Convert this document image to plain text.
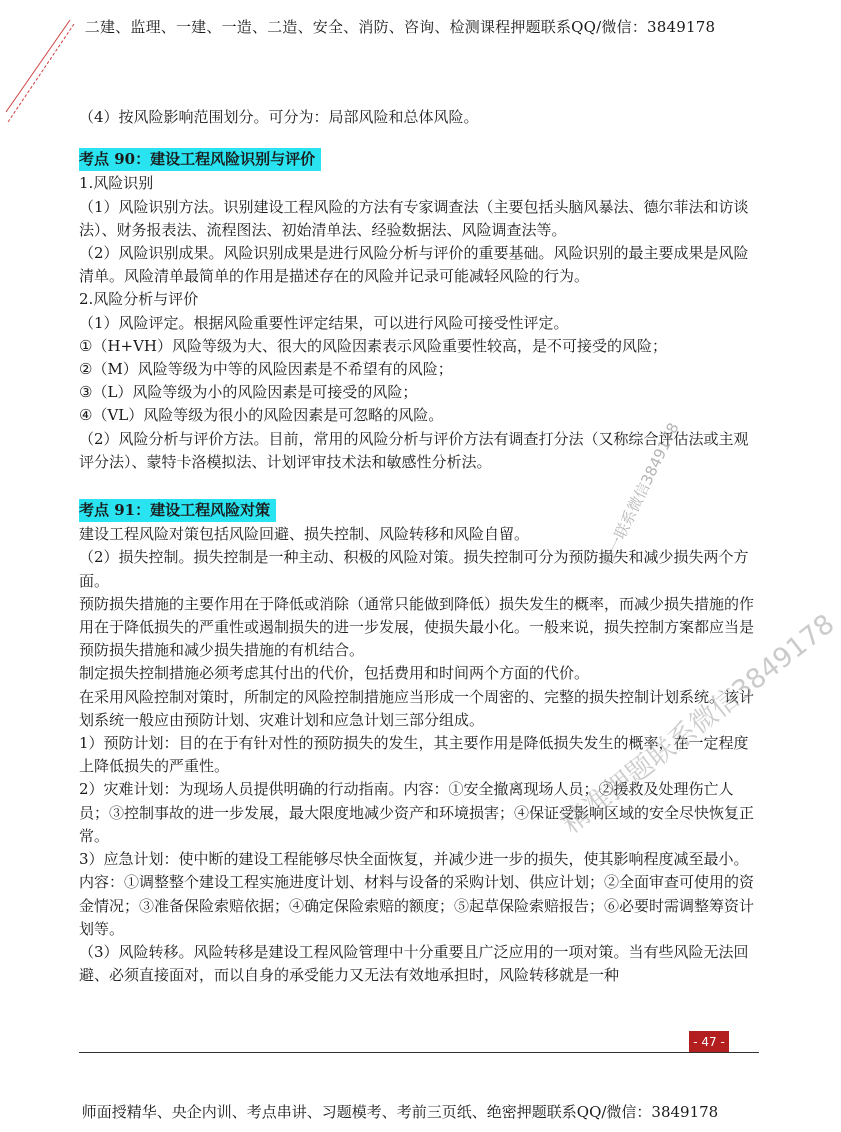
二建、监理、一建、一造、二造、安全、消防、咨询、检测课程押题联系QQ/微信：3849178

（4）按风险影响范围划分。可分为：局部风险和总体风险。

考点 90：建设工程风险识别与评价

1.风险识别

（1）风险识别方法。识别建设工程风险的方法有专家调查法（主要包括头脑风暴法、德尔菲法和访谈法）、财务报表法、流程图法、初始清单法、经验数据法、风险调查法等。

（2）风险识别成果。风险识别成果是进行风险分析与评价的重要基础。风险识别的最主要成果是风险清单。风险清单最简单的作用是描述存在的风险并记录可能减轻风险的行为。

2.风险分析与评价

（1）风险评定。根据风险重要性评定结果，可以进行风险可接受性评定。

①（H+VH）风险等级为大、很大的风险因素表示风险重要性较高，是不可接受的风险；

②（M）风险等级为中等的风险因素是不希望有的风险；

③（L）风险等级为小的风险因素是可接受的风险；

④（VL）风险等级为很小的风险因素是可忽略的风险。

（2）风险分析与评价方法。目前，常用的风险分析与评价方法有调查打分法（又称综合评估法或主观评分法）、蒙特卡洛模拟法、计划评审技术法和敏感性分析法。

考点 91：建设工程风险对策

建设工程风险对策包括风险回避、损失控制、风险转移和风险自留。

（2）损失控制。损失控制是一种主动、积极的风险对策。损失控制可分为预防损失和减少损失两个方面。

预防损失措施的主要作用在于降低或消除（通常只能做到降低）损失发生的概率，而减少损失措施的作用在于降低损失的严重性或遏制损失的进一步发展，使损失最小化。一般来说，损失控制方案都应当是预防损失措施和减少损失措施的有机结合。

制定损失控制措施必须考虑其付出的代价，包括费用和时间两个方面的代价。

在采用风险控制对策时，所制定的风险控制措施应当形成一个周密的、完整的损失控制计划系统。该计划系统一般应由预防计划、灾难计划和应急计划三部分组成。

1）预防计划：目的在于有针对性的预防损失的发生，其主要作用是降低损失发生的概率，在一定程度上降低损失的严重性。

2）灾难计划：为现场人员提供明确的行动指南。内容：①安全撤离现场人员；②援救及处理伤亡人员；③控制事故的进一步发展，最大限度地减少资产和环境损害；④保证受影响区域的安全尽快恢复正常。

3）应急计划：使中断的建设工程能够尽快全面恢复，并减少进一步的损失，使其影响程度减至最小。内容：①调整整个建设工程实施进度计划、材料与设备的采购计划、供应计划；②全面审查可使用的资金情况；③准备保险索赔依据；④确定保险索赔的额度；⑤起草保险索赔报告；⑥必要时需调整筹资计划等。

（3）风险转移。风险转移是建设工程风险管理中十分重要且广泛应用的一项对策。当有些风险无法回避、必须直接面对，而以自身的承受能力又无法有效地承担时，风险转移就是一种

唯一联系微信3849178
精准押题联系微信3849178
- 47 -
师面授精华、央企内训、考点串讲、习题模考、考前三页纸、绝密押题联系QQ/微信：3849178
